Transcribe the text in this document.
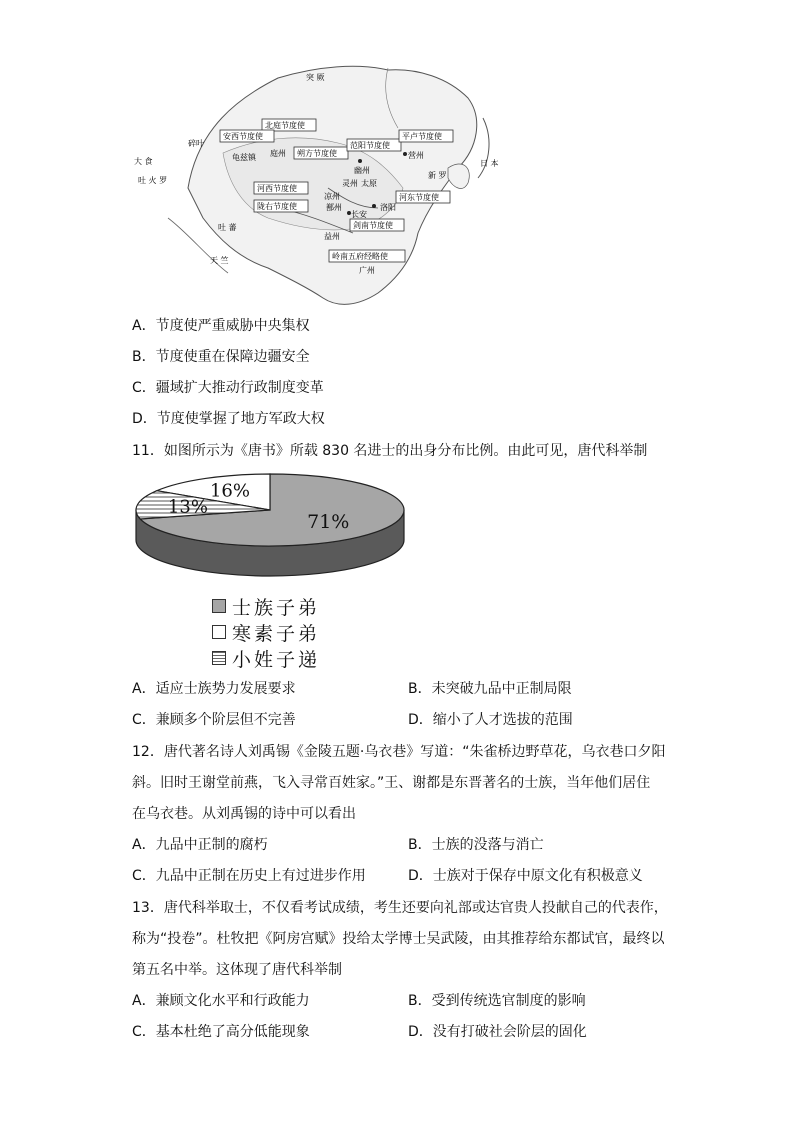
突 厥
大 食
吐 火 罗
吐 蕃
日 本
新 罗
天 竺
北庭节度使
安西节度使
朔方节度使
范阳节度使
平卢节度使
河西节度使
河东节度使
陇右节度使
剑南节度使
岭南五府经略使
庭州
龟兹镇
幽州
营州
灵州 太原
凉州
洛阳
鄯州
长安
益州
广州
碎叶
A．节度使严重威胁中央集权
B．节度使重在保障边疆安全
C．疆域扩大推动行政制度变革
D．节度使掌握了地方军政大权
11．如图所示为《唐书》所载 830 名进士的出身分布比例。由此可见，唐代科举制
71%
16%
13%
士族子弟
寒素子弟
小姓子递
A．适应士族势力发展要求	B．未突破九品中正制局限
C．兼顾多个阶层但不完善	D．缩小了人才选拔的范围
12．唐代著名诗人刘禹锡《金陵五题·乌衣巷》写道：“朱雀桥边野草花，乌衣巷口夕阳
斜。旧时王谢堂前燕，飞入寻常百姓家。”王、谢都是东晋著名的士族，当年他们居住
在乌衣巷。从刘禹锡的诗中可以看出
A．九品中正制的腐朽	B．士族的没落与消亡
C．九品中正制在历史上有过进步作用	D．士族对于保存中原文化有积极意义
13．唐代科举取士，不仅看考试成绩，考生还要向礼部或达官贵人投献自己的代表作，
称为“投卷”。杜牧把《阿房宫赋》投给太学博士吴武陵，由其推荐给东都试官，最终以
第五名中举。这体现了唐代科举制
A．兼顾文化水平和行政能力	B．受到传统选官制度的影响
C．基本杜绝了高分低能现象	D．没有打破社会阶层的固化
